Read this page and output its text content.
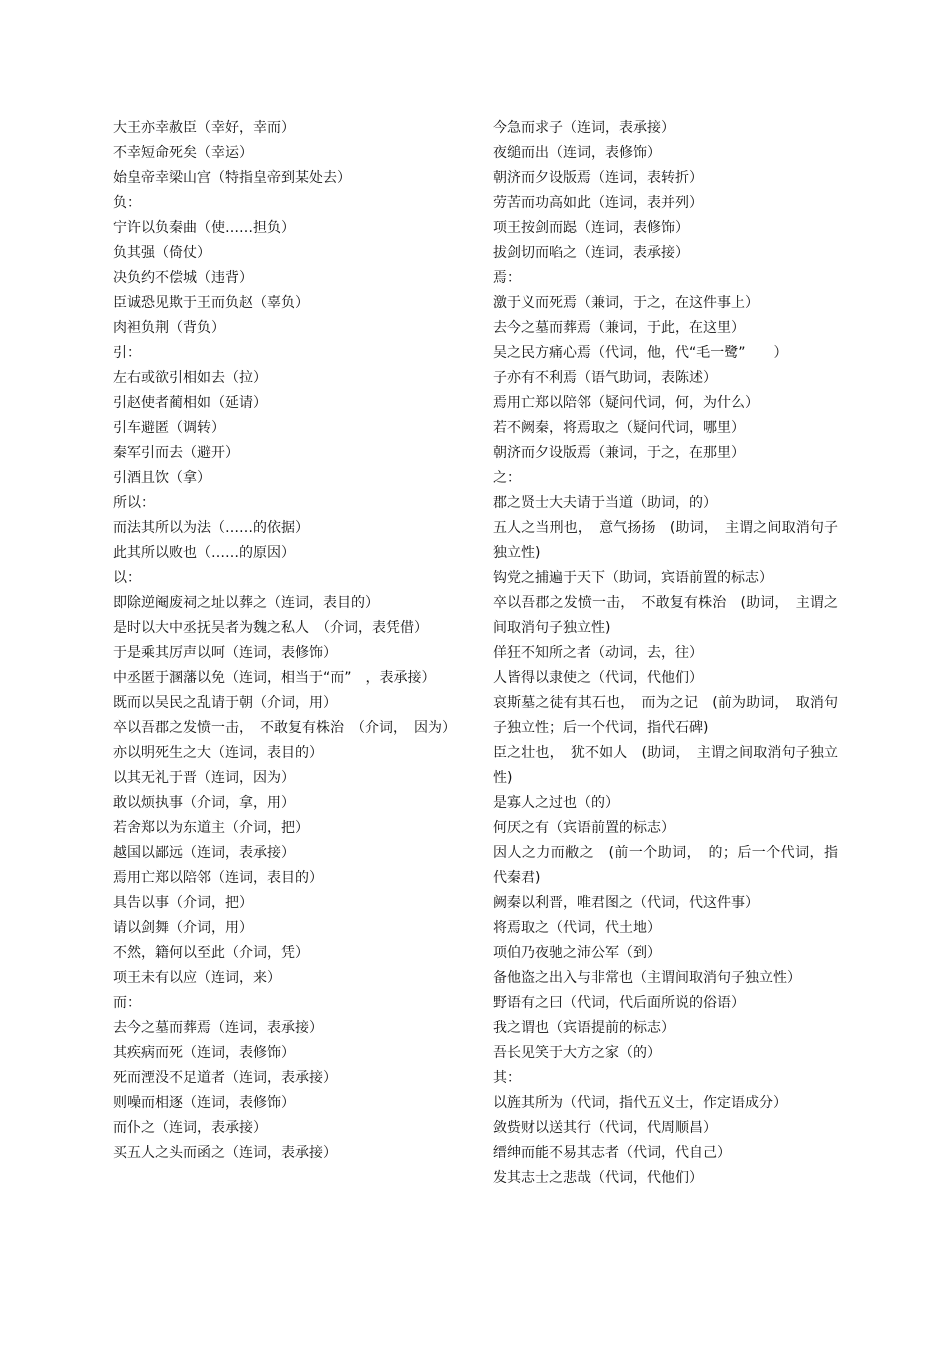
大王亦幸赦臣（幸好，幸而）

不幸短命死矣（幸运）

始皇帝幸梁山宫（特指皇帝到某处去）

负：

宁许以负秦曲（使……担负）

负其强（倚仗）

决负约不偿城（违背）

臣诚恐见欺于王而负赵（辜负）

肉袒负荆（背负）

引：

左右或欲引相如去（拉）

引赵使者蔺相如（延请）

引车避匿（调转）

秦军引而去（避开）

引酒且饮（拿）

所以：

而法其所以为法（……的依据）

此其所以败也（……的原因）

以：

即除逆阉废祠之址以葬之（连词，表目的）

是时以大中丞抚吴者为魏之私人　（介词，表凭借）

于是乘其厉声以呵（连词，表修饰）

中丞匿于溷藩以免（连词，相当于“而”　，表承接）

既而以吴民之乱请于朝（介词，用）

卒以吾郡之发愤一击，　不敢复有株治　（介词，　因为）

亦以明死生之大（连词，表目的）

以其无礼于晋（连词，因为）

敢以烦执事（介词，拿，用）

若舍郑以为东道主（介词，把）

越国以鄙远（连词，表承接）

焉用亡郑以陪邻（连词，表目的）

具告以事（介词，把）

请以剑舞（介词，用）

不然，籍何以至此（介词，凭）

项王未有以应（连词，来）

而：

去今之墓而葬焉（连词，表承接）

其疾病而死（连词，表修饰）

死而湮没不足道者（连词，表承接）

则噪而相逐（连词，表修饰）

而仆之（连词，表承接）

买五人之头而函之（连词，表承接）

今急而求子（连词，表承接）

夜缒而出（连词，表修饰）

朝济而夕设版焉（连词，表转折）

劳苦而功高如此（连词，表并列）

项王按剑而跽（连词，表修饰）

拔剑切而啗之（连词，表承接）

焉：

激于义而死焉（兼词，于之，在这件事上）

去今之墓而葬焉（兼词，于此，在这里）

吴之民方痛心焉（代词，他，代“毛一鹭”　　）

子亦有不利焉（语气助词，表陈述）

焉用亡郑以陪邻（疑问代词，何，为什么）

若不阙秦，将焉取之（疑问代词，哪里）

朝济而夕设版焉（兼词，于之，在那里）

之：

郡之贤士大夫请于当道（助词，的）

五人之当刑也，　意气扬扬　(助词，　主谓之间取消句子独立性)

钩党之捕遍于天下（助词，宾语前置的标志）

卒以吾郡之发愤一击，　不敢复有株治　(助词，　主谓之间取消句子独立性)

佯狂不知所之者（动词，去，往）

人皆得以隶使之（代词，代他们）

哀斯墓之徒有其石也，　而为之记　(前为助词，　取消句子独立性；后一个代词，指代石碑)

臣之壮也，　犹不如人　(助词，　主谓之间取消句子独立性)

是寡人之过也（的）

何厌之有（宾语前置的标志）

因人之力而敝之　(前一个助词，　的；后一个代词，指代秦君)

阙秦以利晋，唯君图之（代词，代这件事）

将焉取之（代词，代土地）

项伯乃夜驰之沛公军（到）

备他盗之出入与非常也（主谓间取消句子独立性）

野语有之曰（代词，代后面所说的俗语）

我之谓也（宾语提前的标志）

吾长见笑于大方之家（的）

其：

以旌其所为（代词，指代五义士，作定语成分）

敛赀财以送其行（代词，代周顺昌）

缙绅而能不易其志者（代词，代自己）

发其志士之悲哉（代词，代他们）
